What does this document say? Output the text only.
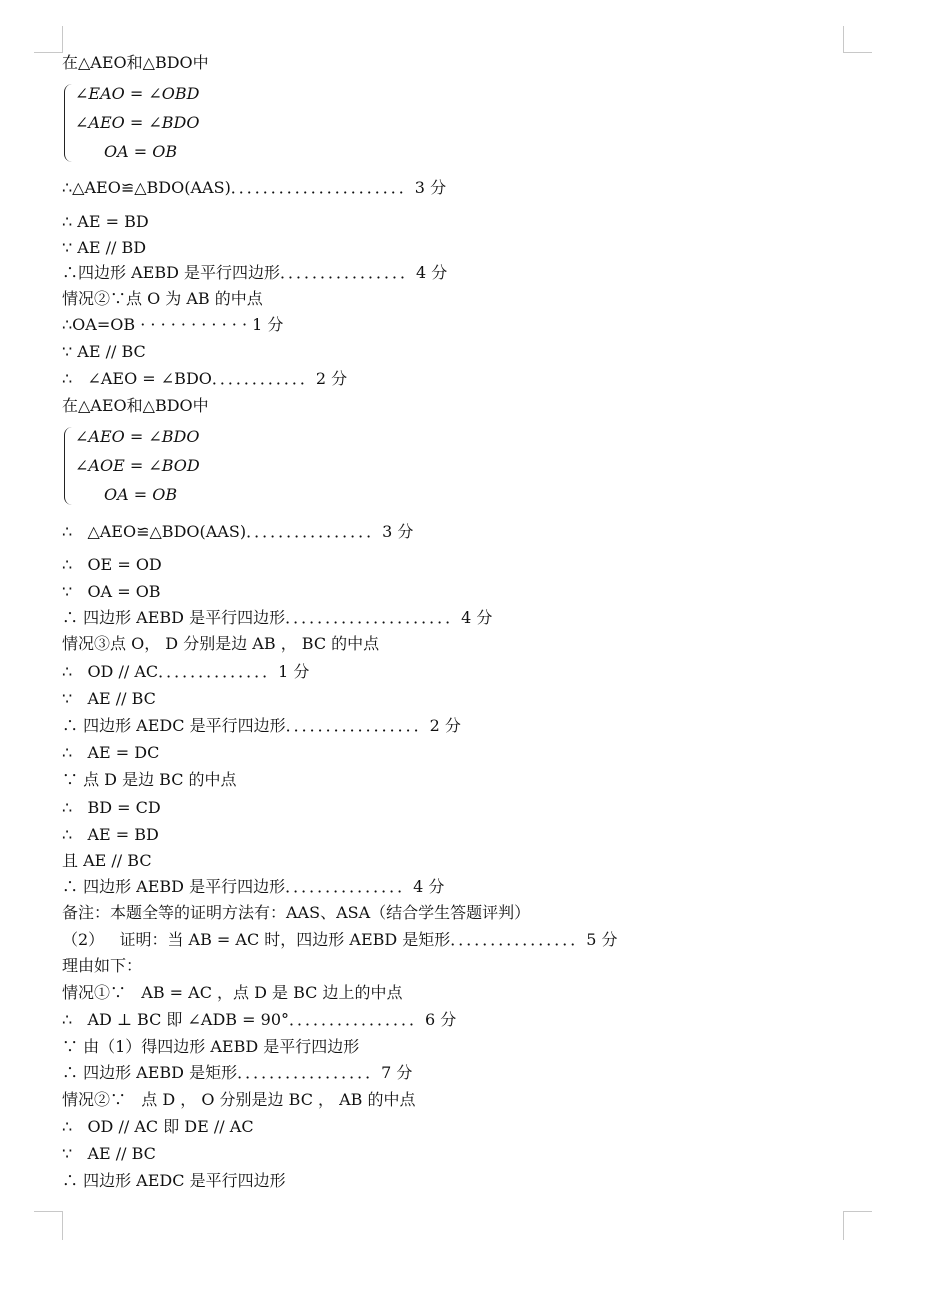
在△AEO和△BDO中
∠EAO = ∠OBD
∠AEO = ∠BDO
OA = OB
∴△AEO≌△BDO(AAS)．．．．．．．．．．．．．．．．．．．．．．3 分
∴ AE = BD
∵ AE // BD
∴四边形 AEBD 是平行四边形．．．．．．．．．．．．．．．．4 分
情况②∵点 O 为 AB 的中点
∴OA=OB · · · · · · · · · · · 1 分
∵ AE // BC
∴   ∠AEO = ∠BDO．．．．．．．．．．．．2 分
在△AEO和△BDO中
∠AEO = ∠BDO
∠AOE = ∠BOD
OA = OB
∴   △AEO≌△BDO(AAS)．．．．．．．．．．．．．．．．3 分
∴   OE = OD
∵   OA = OB
∴ 四边形 AEBD 是平行四边形．．．．．．．．．．．．．．．．．．．．．4 分
情况③点 O， D 分别是边 AB ， BC 的中点
∴   OD // AC．．．．．．．．．．．．．．1 分
∵   AE // BC
∴ 四边形 AEDC 是平行四边形．．．．．．．．．．．．．．．．．2 分
∴   AE = DC
∵ 点 D 是边 BC 的中点
∴   BD = CD
∴   AE = BD
且 AE // BC
∴ 四边形 AEBD 是平行四边形．．．．．．．．．．．．．．．4 分
备注：本题全等的证明方法有：AAS、ASA（结合学生答题评判）
（2）   证明：当 AB = AC 时，四边形 AEBD 是矩形．．．．．．．．．．．．．．．．5 分
理由如下：
情况①∵   AB = AC ，点 D 是 BC 边上的中点
∴   AD ⊥ BC 即 ∠ADB = 90°．．．．．．．．．．．．．．．．6 分
∵ 由（1）得四边形 AEBD 是平行四边形
∴ 四边形 AEBD 是矩形．．．．．．．．．．．．．．．．．7 分
情况②∵   点 D ， O 分别是边 BC ， AB 的中点
∴   OD // AC 即 DE // AC
∵   AE // BC
∴ 四边形 AEDC 是平行四边形
